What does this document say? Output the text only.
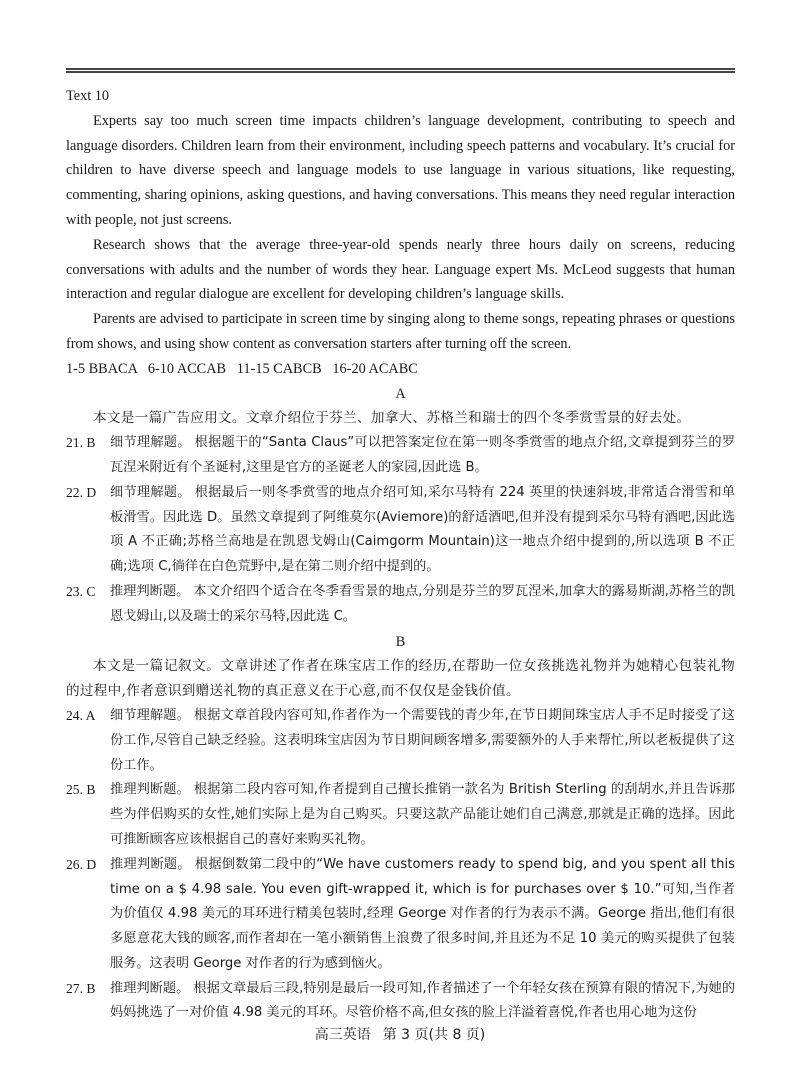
Text 10

Experts say too much screen time impacts children’s language development, contributing to speech and language disorders. Children learn from their environment, including speech patterns and vocabulary. It’s crucial for children to have diverse speech and language models to use language in various situations, like requesting, commenting, sharing opinions, asking questions, and having conversations. This means they need regular interaction with people, not just screens.

Research shows that the average three-year-old spends nearly three hours daily on screens, reducing conversations with adults and the number of words they hear. Language expert Ms. McLeod suggests that human interaction and regular dialogue are excellent for developing children’s language skills.

Parents are advised to participate in screen time by singing along to theme songs, repeating phrases or questions from shows, and using show content as conversation starters after turning off the screen.

1-5 BBACA   6-10 ACCAB   11-15 CABCB   16-20 ACABC

A

本文是一篇广告应用文。文章介绍位于芬兰、加拿大、苏格兰和瑞士的四个冬季赏雪景的好去处。

21. B	细节理解题。 根据题干的“Santa Claus”可以把答案定位在第一则冬季赏雪的地点介绍,文章提到芬兰的罗瓦涅米附近有个圣诞村,这里是官方的圣诞老人的家园,因此选 B。
22. D	细节理解题。 根据最后一则冬季赏雪的地点介绍可知,采尔马特有 224 英里的快速斜坡,非常适合滑雪和单板滑雪。因此选 D。虽然文章提到了阿维莫尔(Aviemore)的舒适酒吧,但并没有提到采尔马特有酒吧,因此选项 A 不正确;苏格兰高地是在凯恩戈姆山(Caimgorm Mountain)这一地点介绍中提到的,所以选项 B 不正确;选项 C,徜徉在白色荒野中,是在第二则介绍中提到的。
23. C	推理判断题。 本文介绍四个适合在冬季看雪景的地点,分别是芬兰的罗瓦涅米,加拿大的露易斯湖,苏格兰的凯恩戈姆山,以及瑞士的采尔马特,因此选 C。

B

本文是一篇记叙文。文章讲述了作者在珠宝店工作的经历,在帮助一位女孩挑选礼物并为她精心包装礼物的过程中,作者意识到赠送礼物的真正意义在于心意,而不仅仅是金钱价值。

24. A	细节理解题。 根据文章首段内容可知,作者作为一个需要钱的青少年,在节日期间珠宝店人手不足时接受了这份工作,尽管自己缺乏经验。这表明珠宝店因为节日期间顾客增多,需要额外的人手来帮忙,所以老板提供了这份工作。
25. B	推理判断题。 根据第二段内容可知,作者提到自己擅长推销一款名为 British Sterling 的刮胡水,并且告诉那些为伴侣购买的女性,她们实际上是为自己购买。只要这款产品能让她们自己满意,那就是正确的选择。因此可推断顾客应该根据自己的喜好来购买礼物。
26. D	推理判断题。 根据倒数第二段中的“We have customers ready to spend big, and you spent all this time on a $ 4.98 sale. You even gift-wrapped it, which is for purchases over $ 10.”可知,当作者为价值仅 4.98 美元的耳环进行精美包装时,经理 George 对作者的行为表示不满。George 指出,他们有很多愿意花大钱的顾客,而作者却在一笔小额销售上浪费了很多时间,并且还为不足 10 美元的购买提供了包装服务。这表明 George 对作者的行为感到恼火。
27. B	推理判断题。 根据文章最后三段,特别是最后一段可知,作者描述了一个年轻女孩在预算有限的情况下,为她的妈妈挑选了一对价值 4.98 美元的耳环。尽管价格不高,但女孩的脸上洋溢着喜悦,作者也用心地为这份
高三英语 第 3 页(共 8 页)
